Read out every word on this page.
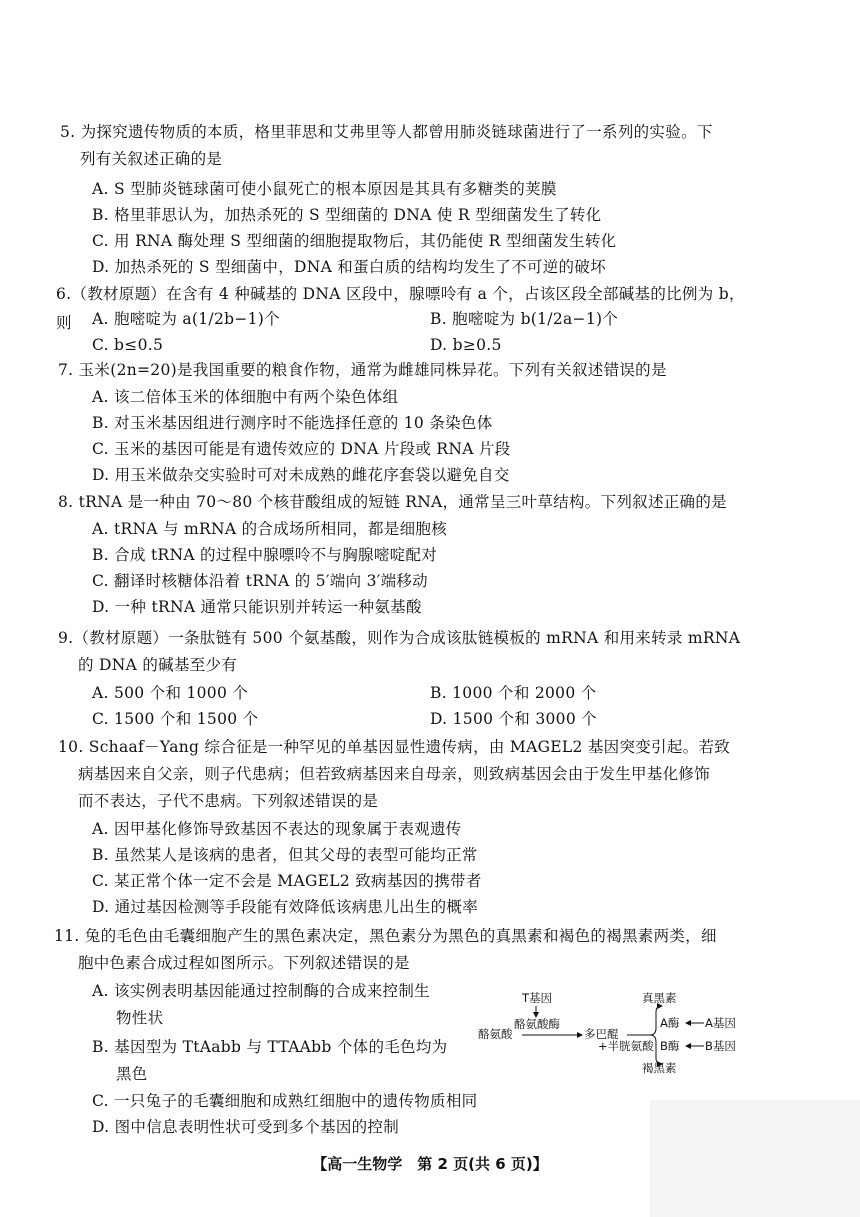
5. 为探究遗传物质的本质，格里菲思和艾弗里等人都曾用肺炎链球菌进行了一系列的实验。下
列有关叙述正确的是
A. S 型肺炎链球菌可使小鼠死亡的根本原因是其具有多糖类的荚膜
B. 格里菲思认为，加热杀死的 S 型细菌的 DNA 使 R 型细菌发生了转化
C. 用 RNA 酶处理 S 型细菌的细胞提取物后，其仍能使 R 型细菌发生转化
D. 加热杀死的 S 型细菌中，DNA 和蛋白质的结构均发生了不可逆的破坏
6.（教材原题）在含有 4 种碱基的 DNA 区段中，腺嘌呤有 a 个，占该区段全部碱基的比例为 b，则	A. 胞嘧啶为 a(1/2b−1)个	B. 胞嘧啶为 b(1/2a−1)个
C. b≤0.5	D. b≥0.5
7. 玉米(2n=20)是我国重要的粮食作物，通常为雌雄同株异花。下列有关叙述错误的是
A. 该二倍体玉米的体细胞中有两个染色体组
B. 对玉米基因组进行测序时不能选择任意的 10 条染色体
C. 玉米的基因可能是有遗传效应的 DNA 片段或 RNA 片段
D. 用玉米做杂交实验时可对未成熟的雌花序套袋以避免自交
8. tRNA 是一种由 70～80 个核苷酸组成的短链 RNA，通常呈三叶草结构。下列叙述正确的是
A. tRNA 与 mRNA 的合成场所相同，都是细胞核
B. 合成 tRNA 的过程中腺嘌呤不与胸腺嘧啶配对
C. 翻译时核糖体沿着 tRNA 的 5′端向 3′端移动
D. 一种 tRNA 通常只能识别并转运一种氨基酸
9.（教材原题）一条肽链有 500 个氨基酸，则作为合成该肽链模板的 mRNA 和用来转录 mRNA
的 DNA 的碱基至少有
A. 500 个和 1000 个	B. 1000 个和 2000 个
C. 1500 个和 1500 个	D. 1500 个和 3000 个
10. Schaaf－Yang 综合征是一种罕见的单基因显性遗传病，由 MAGEL2 基因突变引起。若致
病基因来自父亲，则子代患病；但若致病基因来自母亲，则致病基因会由于发生甲基化修饰
而不表达，子代不患病。下列叙述错误的是
A. 因甲基化修饰导致基因不表达的现象属于表观遗传
B. 虽然某人是该病的患者，但其父母的表型可能均正常
C. 某正常个体一定不会是 MAGEL2 致病基因的携带者
D. 通过基因检测等手段能有效降低该病患儿出生的概率
11. 兔的毛色由毛囊细胞产生的黑色素决定，黑色素分为黑色的真黑素和褐色的褐黑素两类，细
胞中色素合成过程如图所示。下列叙述错误的是
A. 该实例表明基因能通过控制酶的合成来控制生
物性状
B. 基因型为 TtAabb 与 TTAAbb 个体的毛色均为
黑色
C. 一只兔子的毛囊细胞和成熟红细胞中的遗传物质相同
D. 图中信息表明性状可受到多个基因的控制
T基因
酪氨酸酶
酪氨酸	多巴醌
真黑素
A酶 A基因
+半胱氨酸 B酶 B基因
褐黑素
【高一生物学　第 2 页(共 6 页)】
